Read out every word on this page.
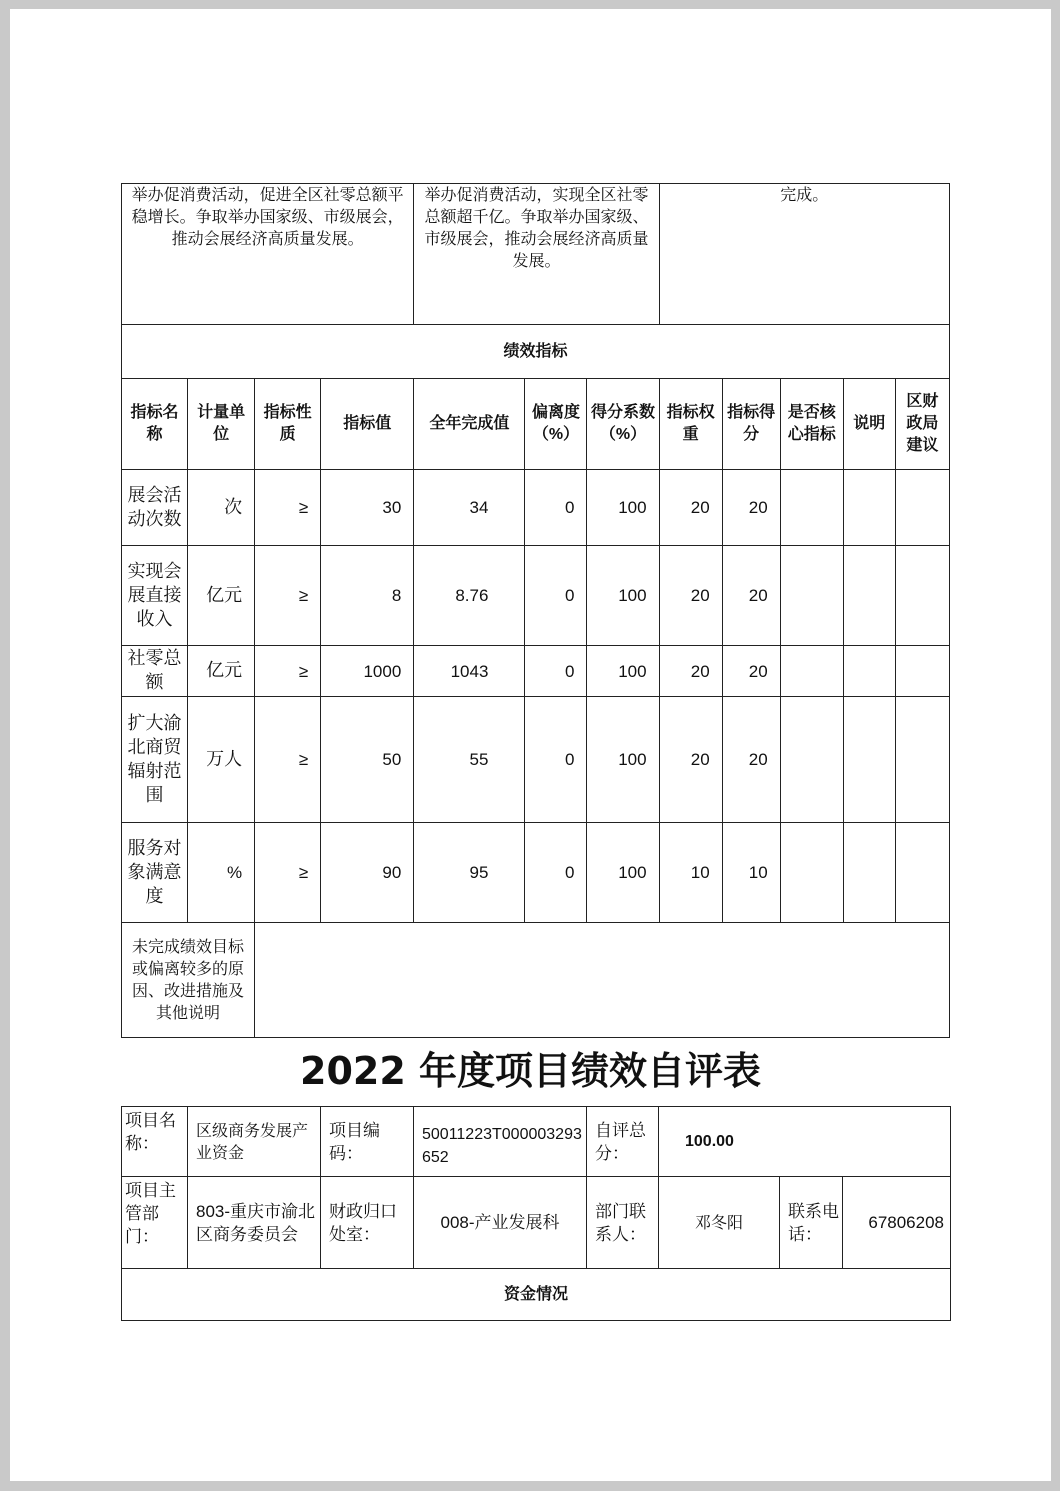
举办促消费活动，促进全区社零总额平稳增长。争取举办国家级、市级展会，推动会展经济高质量发展。				举办促消费活动，实现全区社零总额超千亿。争取举办国家级、市级展会，推动会展经济高质量发展。			完成。				
绩效指标											
指标名称	计量单位	指标性质	指标值	全年完成值	偏离度（%）	得分系数（%）	指标权重	指标得分	是否核心指标	说明	区财政局建议
展会活动次数	次	≥	30	34	0	100	20	20			
实现会展直接收入	亿元	≥	8	8.76	0	100	20	20			
社零总额	亿元	≥	1000	1043	0	100	20	20			
扩大渝北商贸辐射范围	万人	≥	50	55	0	100	20	20			
服务对象满意度	%	≥	90	95	0	100	10	10			
未完成绩效目标或偏离较多的原因、改进措施及其他说明											
2022 年度项目绩效自评表
项目名称：	区级商务发展产业资金	项目编码：	50011223T000003293652	自评总分：	100.00		
项目主管部门：	803-重庆市渝北区商务委员会	财政归口处室：	008-产业发展科	部门联系人：	邓冬阳	联系电话：	67806208
资金情况							
